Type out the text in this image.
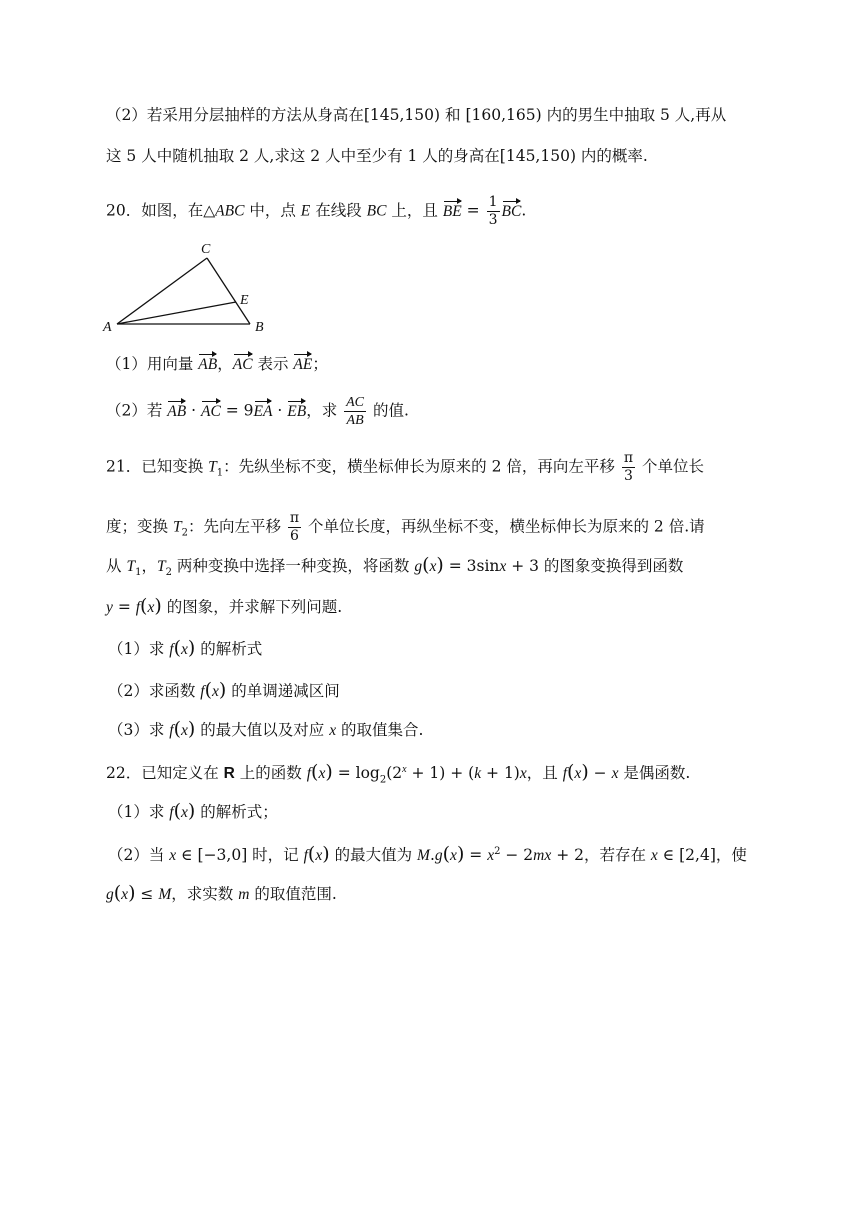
（2）若采用分层抽样的方法从身高在[145,150) 和 [160,165) 内的男生中抽取 5 人,再从
这 5 人中随机抽取 2 人,求这 2 人中至少有 1 人的身高在[145,150) 内的概率.
20．如图，在△ABC 中，点 E 在线段 BC 上，且 BE = $\frac{1}{3}$ BC.
A	B
C
E
（1）用向量 AB，AC 表示 AE；
（2）若 AB · AC = 9EA · EB，求 $\frac{AC}{AB}$ 的值.
21．已知变换 $T_1$：先纵坐标不变，横坐标伸长为原来的 2 倍，再向左平移 $\frac{\pi}{3}$ 个单位长
度；变换 $T_2$：先向左平移 $\frac{\pi}{6}$ 个单位长度，再纵坐标不变，横坐标伸长为原来的 2 倍.请
从 $T_1$，$T_2$ 两种变换中选择一种变换，将函数 g(x) = 3sinx + 3 的图象变换得到函数
y = f(x) 的图象，并求解下列问题.
（1）求 f(x) 的解析式
（2）求函数 f(x) 的单调递减区间
（3）求 f(x) 的最大值以及对应 x 的取值集合.
22．已知定义在 R 上的函数 $f(x) = \log_2(2^x + 1) + (k + 1)x$，且 f(x) − x 是偶函数.
（1）求 f(x) 的解析式；
（2）当 x ∈ [−3,0] 时，记 f(x) 的最大值为 $M.g(x) = x^2 - 2mx + 2$，若存在 x ∈ [2,4]，使
g(x) ≤ M，求实数 m 的取值范围.
